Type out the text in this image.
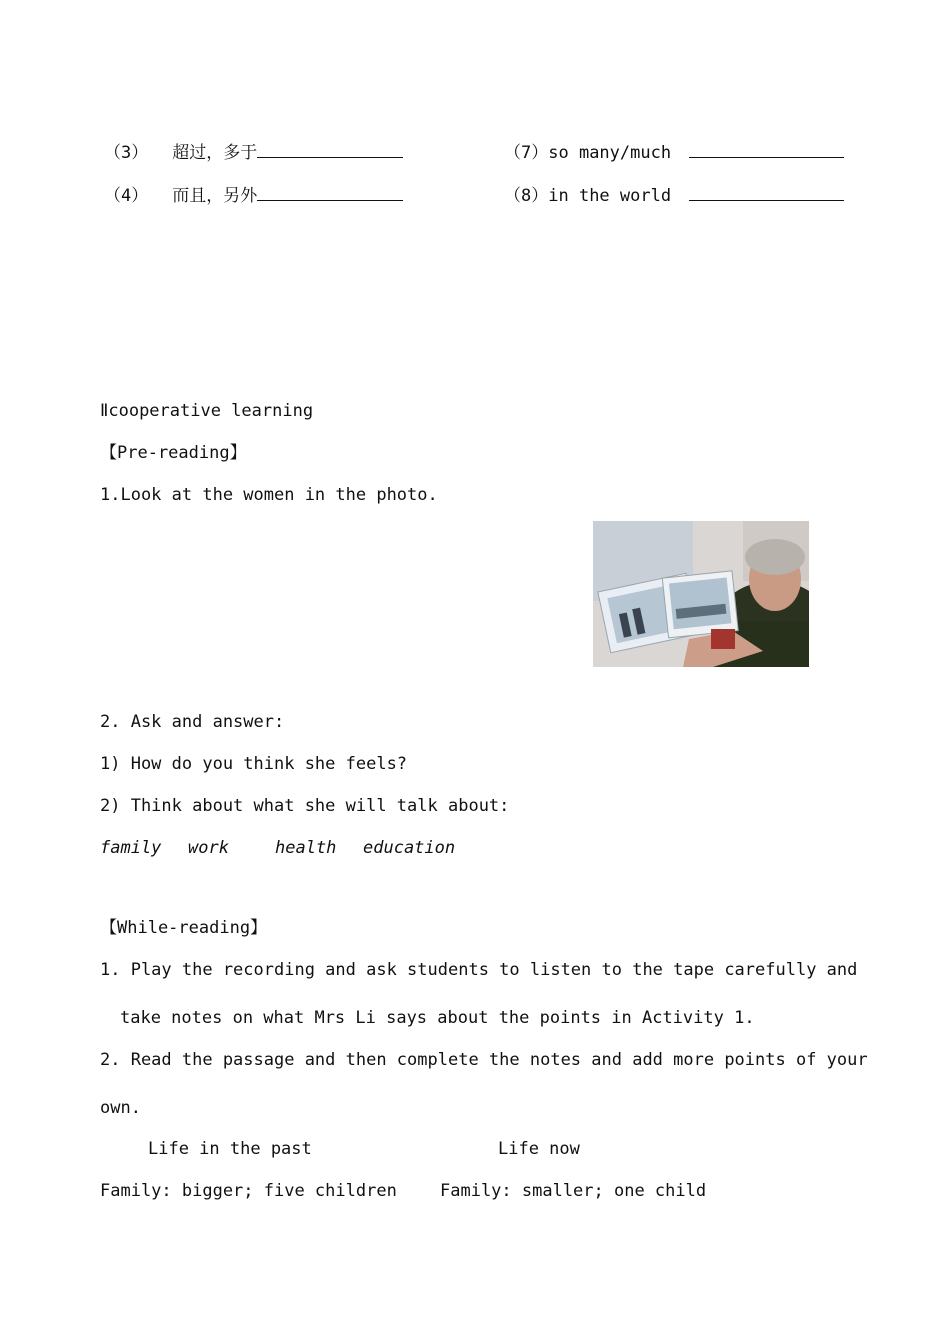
（3） 超过，多于
（4） 而且，另外
（7）so many/much
（8）in the world
Ⅱcooperative learning
【Pre-reading】
1.Look at the women in the photo.
2. Ask and answer:
1) How do you think she feels?
2) Think about what she will talk about:
family work	health education
【While-reading】
1. Play the recording and ask students to listen to the tape carefully and
take notes on what Mrs Li says about the points in Activity 1.
2. Read the passage and then complete the notes and add more points of your
own.
Life in the past	Life now
Family: bigger; five children	Family: smaller; one child
